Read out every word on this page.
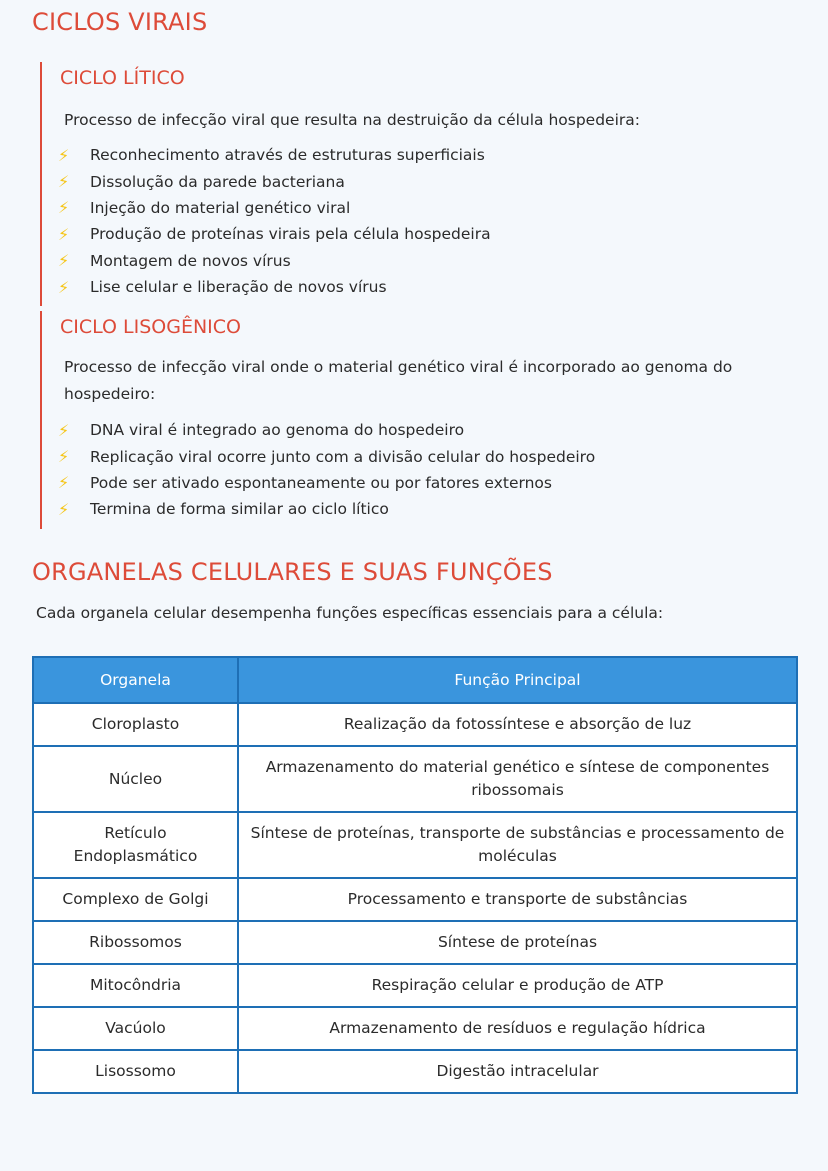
CICLOS VIRAIS
CICLO LÍTICO

Processo de infecção viral que resulta na destruição da célula hospedeira:

⚡	Reconhecimento através de estruturas superficiais
⚡	Dissolução da parede bacteriana
⚡	Injeção do material genético viral
⚡	Produção de proteínas virais pela célula hospedeira
⚡	Montagem de novos vírus
⚡	Lise celular e liberação de novos vírus
CICLO LISOGÊNICO

Processo de infecção viral onde o material genético viral é incorporado ao genoma do hospedeiro:

⚡	DNA viral é integrado ao genoma do hospedeiro
⚡	Replicação viral ocorre junto com a divisão celular do hospedeiro
⚡	Pode ser ativado espontaneamente ou por fatores externos
⚡	Termina de forma similar ao ciclo lítico
ORGANELAS CELULARES E SUAS FUNÇÕES

Cada organela celular desempenha funções específicas essenciais para a célula:

Organela	Função Principal
Cloroplasto	Realização da fotossíntese e absorção de luz
Núcleo	Armazenamento do material genético e síntese de componentes ribossomais
Retículo Endoplasmático	Síntese de proteínas, transporte de substâncias e processamento de moléculas
Complexo de Golgi	Processamento e transporte de substâncias
Ribossomos	Síntese de proteínas
Mitocôndria	Respiração celular e produção de ATP
Vacúolo	Armazenamento de resíduos e regulação hídrica
Lisossomo	Digestão intracelular
